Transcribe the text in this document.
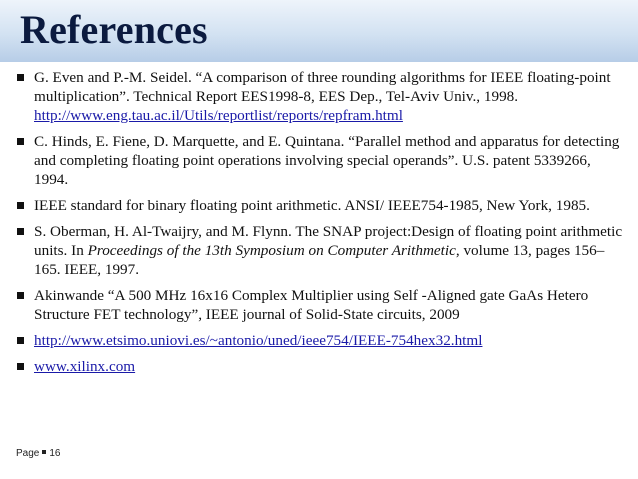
References
G. Even and P.-M. Seidel. “A comparison of three rounding algorithms for IEEE floating-point multiplication”. Technical Report EES1998-8, EES Dep., Tel-Aviv Univ., 1998.
http://www.eng.tau.ac.il/Utils/reportlist/reports/repfram.html
C. Hinds, E. Fiene, D. Marquette, and E. Quintana. “Parallel method and apparatus for detecting and completing floating point operations involving special operands”. U.S. patent 5339266, 1994.
IEEE standard for binary floating point arithmetic. ANSI/ IEEE754-1985, New York, 1985.
S. Oberman, H. Al-Twaijry, and M. Flynn. The SNAP project:Design of floating point arithmetic units. In Proceedings of the 13th Symposium on Computer Arithmetic, volume 13, pages 156–165. IEEE, 1997.
Akinwande “A 500 MHz 16x16 Complex Multiplier using Self -Aligned gate GaAs Hetero Structure FET technology”, IEEE journal of Solid-State circuits, 2009
http://www.etsimo.uniovi.es/~antonio/uned/ieee754/IEEE-754hex32.html
www.xilinx.com
Page 16
